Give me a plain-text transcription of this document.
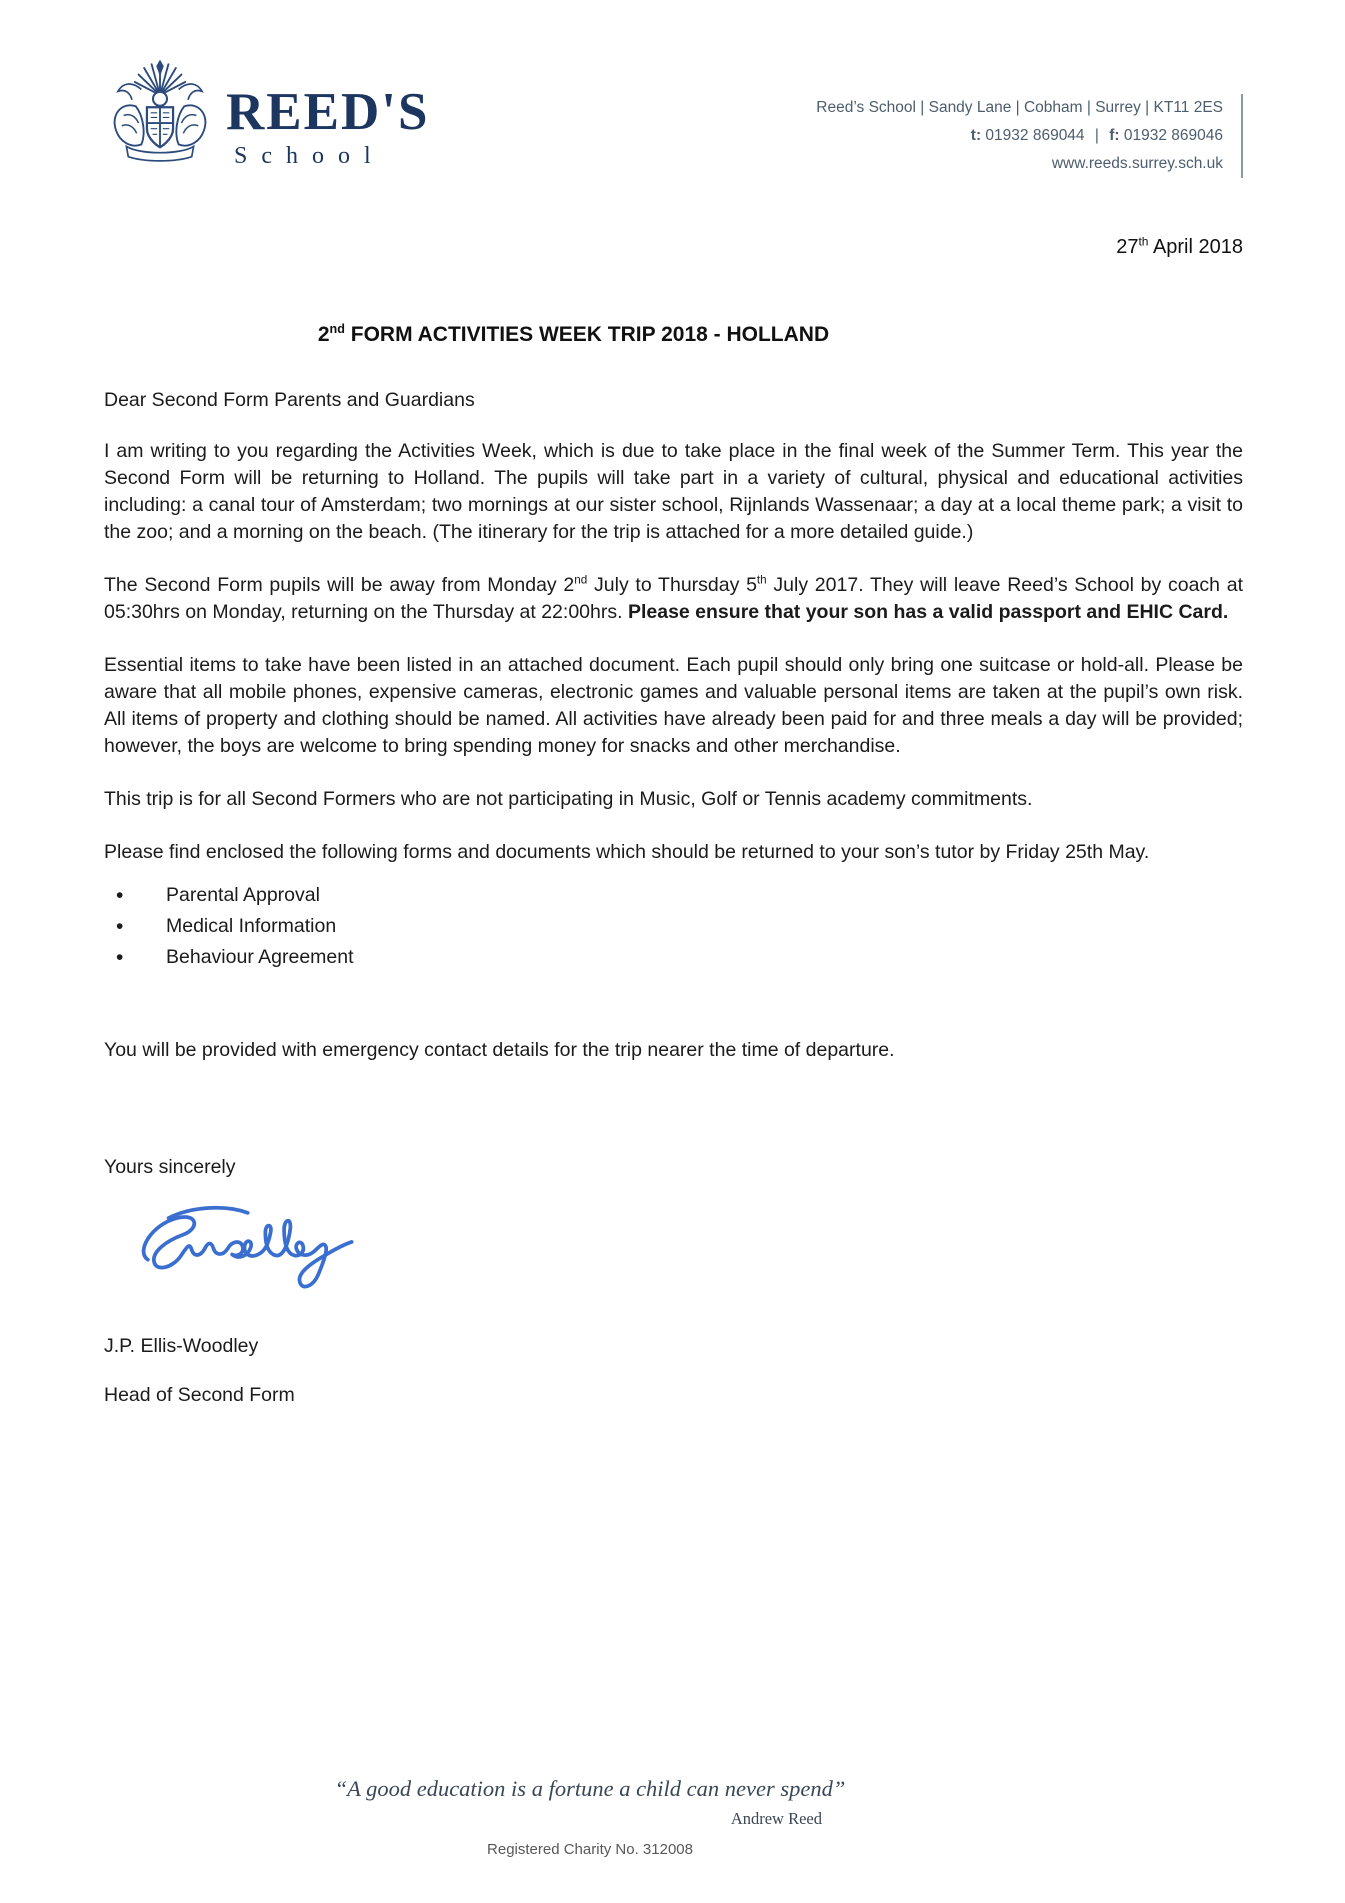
REED'S
School
Reed’s School | Sandy Lane | Cobham | Surrey | KT11 2ES
t: 01932 869044 | f: 01932 869046
www.reeds.surrey.sch.uk
27th April 2018
2nd FORM ACTIVITIES WEEK TRIP 2018 - HOLLAND

Dear Second Form Parents and Guardians

I am writing to you regarding the Activities Week, which is due to take place in the final week of the Summer Term. This year the Second Form will be returning to Holland. The pupils will take part in a variety of cultural, physical and educational activities including: a canal tour of Amsterdam; two mornings at our sister school, Rijnlands Wassenaar; a day at a local theme park; a visit to the zoo; and a morning on the beach. (The itinerary for the trip is attached for a more detailed guide.)

The Second Form pupils will be away from Monday 2nd July to Thursday 5th July 2017. They will leave Reed’s School by coach at 05:30hrs on Monday, returning on the Thursday at 22:00hrs. Please ensure that your son has a valid passport and EHIC Card.

Essential items to take have been listed in an attached document. Each pupil should only bring one suitcase or hold-all. Please be aware that all mobile phones, expensive cameras, electronic games and valuable personal items are taken at the pupil’s own risk. All items of property and clothing should be named. All activities have already been paid for and three meals a day will be provided; however, the boys are welcome to bring spending money for snacks and other merchandise.

This trip is for all Second Formers who are not participating in Music, Golf or Tennis academy commitments.

Please find enclosed the following forms and documents which should be returned to your son’s tutor by Friday 25th May.

• Parental Approval
• Medical Information
• Behaviour Agreement

You will be provided with emergency contact details for the trip nearer the time of departure.

Yours sincerely

J.P. Ellis-Woodley

Head of Second Form

“A good education is a fortune a child can never spend”
Andrew Reed
Registered Charity No. 312008
